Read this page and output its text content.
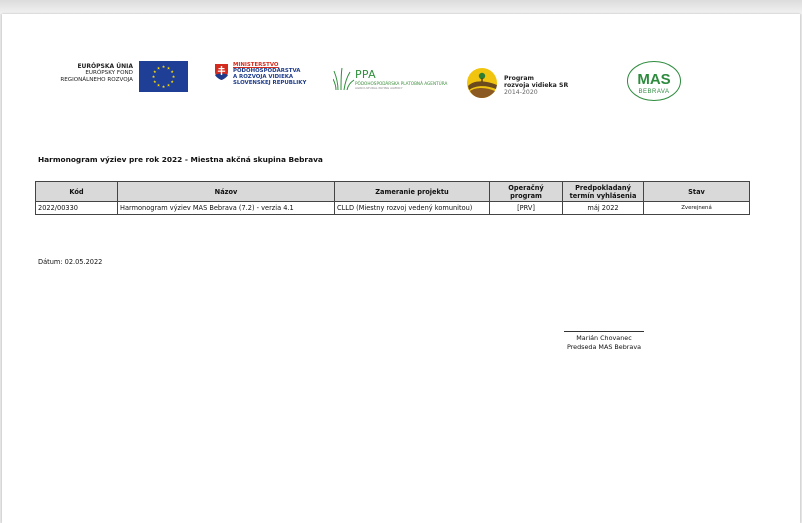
EURÓPSKA ÚNIA
EURÓPSKY FOND
REGIONÁLNEHO ROZVOJA
★ ★
★
★
★
★
★
★
★
★
★
★	MINISTERSTVO
PÔDOHOSPODÁRSTVA
A ROZVOJA VIDIEKA
SLOVENSKEJ REPUBLIKY
PPA
PÔDOHOSPODÁRSKA PLATOBNÁ AGENTÚRA
AGRICULTURAL PAYING AGENCY
Program
rozvoja vidieka SR
2014-2020
MAS
BEBRAVA
Harmonogram výziev pre rok 2022 - Miestna akčná skupina Bebrava
Kód	Názov	Zameranie projektu	Operačný program	Predpokladaný termín vyhlásenia	Stav
2022/00330	Harmonogram výziev MAS Bebrava (7.2) - verzia 4.1	CLLD (Miestny rozvoj vedený komunitou)	[PRV]	máj 2022	Zverejnená
Dátum: 02.05.2022
Marián Chovanec
Predseda MAS Bebrava
